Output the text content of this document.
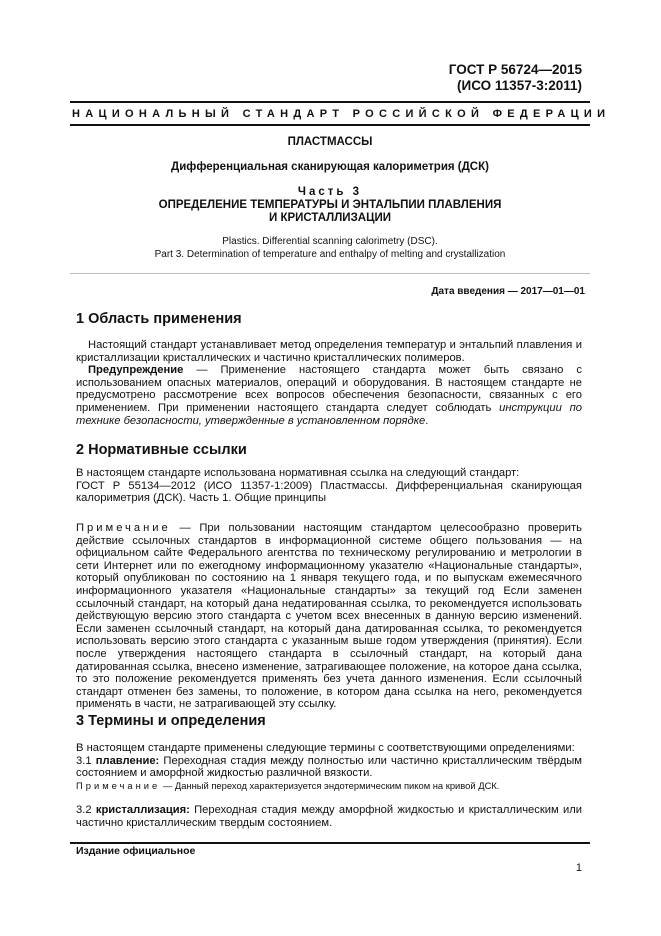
ГОСТ Р 56724—2015
(ИСО 11357-3:2011)
НАЦИОНАЛЬНЫЙ СТАНДАРТ РОССИЙСКОЙ ФЕДЕРАЦИИ
ПЛАСТМАССЫ
Дифференциальная сканирующая калориметрия (ДСК)
Часть 3
ОПРЕДЕЛЕНИЕ ТЕМПЕРАТУРЫ И ЭНТАЛЬПИИ ПЛАВЛЕНИЯ
И КРИСТАЛЛИЗАЦИИ
Plastics. Differential scanning calorimetry (DSC).
Part 3. Determination of temperature and enthalpy of melting and crystallization
Дата введения — 2017—01—01
1 Область применения

Настоящий стандарт устанавливает метод определения температур и энтальпий плавления и кристаллизации кристаллических и частично кристаллических полимеров.

Предупреждение — Применение настоящего стандарта может быть связано с использованием опасных материалов, операций и оборудования. В настоящем стандарте не предусмотрено рассмотрение всех вопросов обеспечения безопасности, связанных с его применением. При применении настоящего стандарта следует соблюдать инструкции по технике безопасности, утвержденные в установленном порядке.

2 Нормативные ссылки

В настоящем стандарте использована нормативная ссылка на следующий стандарт:

ГОСТ Р 55134—2012 (ИСО 11357-1:2009) Пластмассы. Дифференциальная сканирующая калориметрия (ДСК). Часть 1. Общие принципы

Примечание — При пользовании настоящим стандартом целесообразно проверить действие ссылочных стандартов в информационной системе общего пользования — на официальном сайте Федерального агентства по техническому регулированию и метрологии в сети Интернет или по ежегодному информационному указателю «Национальные стандарты», который опубликован по состоянию на 1 января текущего года, и по выпускам ежемесячного информационного указателя «Национальные стандарты» за текущий год Если заменен ссылочный стандарт, на который дана недатированная ссылка, то рекомендуется использовать действующую версию этого стандарта с учетом всех внесенных в данную версию изменений. Если заменен ссылочный стандарт, на который дана датированная ссылка, то рекомендуется использовать версию этого стандарта с указанным выше годом утверждения (принятия). Если после утверждения настоящего стандарта в ссылочный стандарт, на который дана датированная ссылка, внесено изменение, затрагивающее положение, на которое дана ссылка, то это положение рекомендуется применять без учета данного изменения. Если ссылочный стандарт отменен без замены, то положение, в котором дана ссылка на него, рекомендуется применять в части, не затрагивающей эту ссылку.

3 Термины и определения

В настоящем стандарте применены следующие термины с соответствующими определениями:

3.1 плавление: Переходная стадия между полностью или частично кристаллическим твёрдым состоянием и аморфной жидкостью различной вязкости.

Примечание — Данный переход характеризуется эндотермическим пиком на кривой ДСК.

3.2 кристаллизация: Переходная стадия между аморфной жидкостью и кристаллическим или частично кристаллическим твердым состоянием.

Издание официальное
1
